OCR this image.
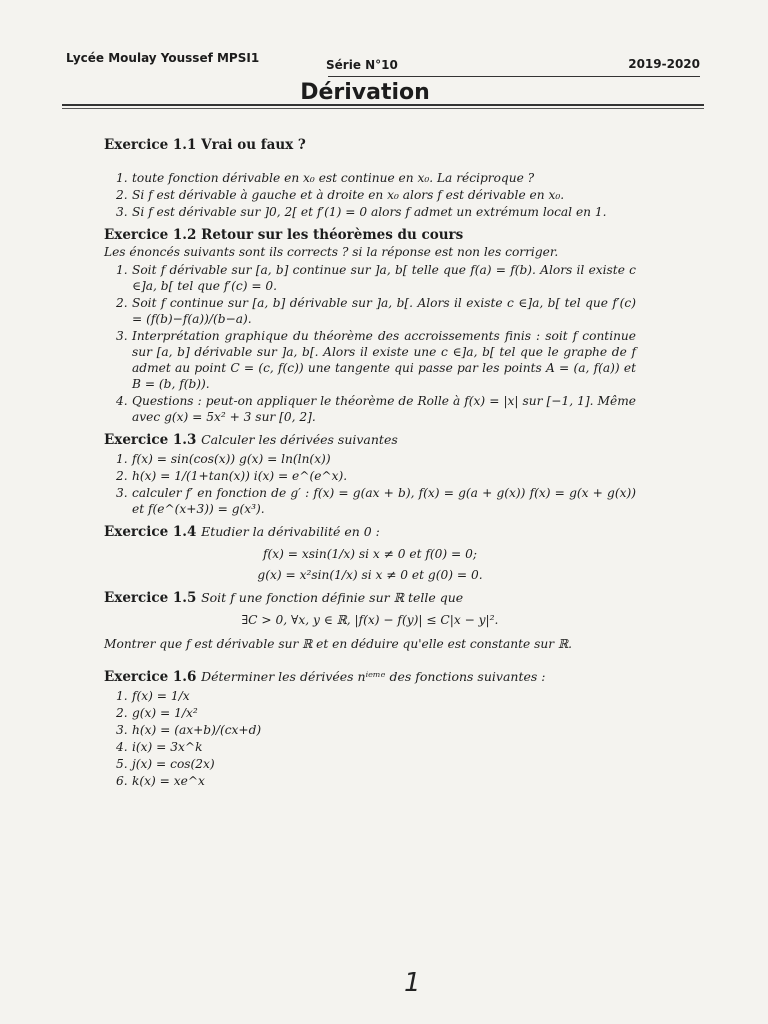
Lycée Moulay Youssef MPSI1	Série N°10	2019-2020
Dérivation
Exercice 1.1 Vrai ou faux ?
1. toute fonction dérivable en x₀ est continue en x₀. La réciproque ?
2. Si f est dérivable à gauche et à droite en x₀ alors f est dérivable en x₀.
3. Si f est dérivable sur ]0, 2[ et f′(1) = 0 alors f admet un extrémum local en 1.
Exercice 1.2 Retour sur les théorèmes du cours
Les énoncés suivants sont ils corrects ? si la réponse est non les corriger.
1. Soit f dérivable sur [a, b] continue sur ]a, b[ telle que f(a) = f(b). Alors il existe c ∈]a, b[ tel que f′(c) = 0.
2. Soit f continue sur [a, b] dérivable sur ]a, b[. Alors il existe c ∈]a, b[ tel que f′(c) = (f(b)−f(a))/(b−a).
3. Interprétation graphique du théorème des accroissements finis : soit f continue sur [a, b] dérivable sur ]a, b[. Alors il existe une c ∈]a, b[ tel que le graphe de f admet au point C = (c, f(c)) une tangente qui passe par les points A = (a, f(a)) et B = (b, f(b)).
4. Questions : peut-on appliquer le théorème de Rolle à f(x) = |x| sur [−1, 1]. Même avec g(x) = 5x² + 3 sur [0, 2].
Exercice 1.3 Calculer les dérivées suivantes
1. f(x) = sin(cos(x)) g(x) = ln(ln(x))
2. h(x) = 1/(1+tan(x)) i(x) = e^(e^x).
3. calculer f′ en fonction de g′ : f(x) = g(ax + b), f(x) = g(a + g(x)) f(x) = g(x + g(x)) et f(e^(x+3)) = g(x³).
Exercice 1.4 Etudier la dérivabilité en 0 :
f(x) = xsin(1/x) si x ≠ 0 et f(0) = 0;
g(x) = x²sin(1/x) si x ≠ 0 et g(0) = 0.
Exercice 1.5 Soit f une fonction définie sur ℝ telle que
∃C > 0, ∀x, y ∈ ℝ, |f(x) − f(y)| ≤ C|x − y|².
Montrer que f est dérivable sur ℝ et en déduire qu'elle est constante sur ℝ.
Exercice 1.6 Déterminer les dérivées nⁱᵉᵐᵉ des fonctions suivantes :
1. f(x) = 1/x
2. g(x) = 1/x²
3. h(x) = (ax+b)/(cx+d)
4. i(x) = 3x^k
5. j(x) = cos(2x)
6. k(x) = xe^x
1
